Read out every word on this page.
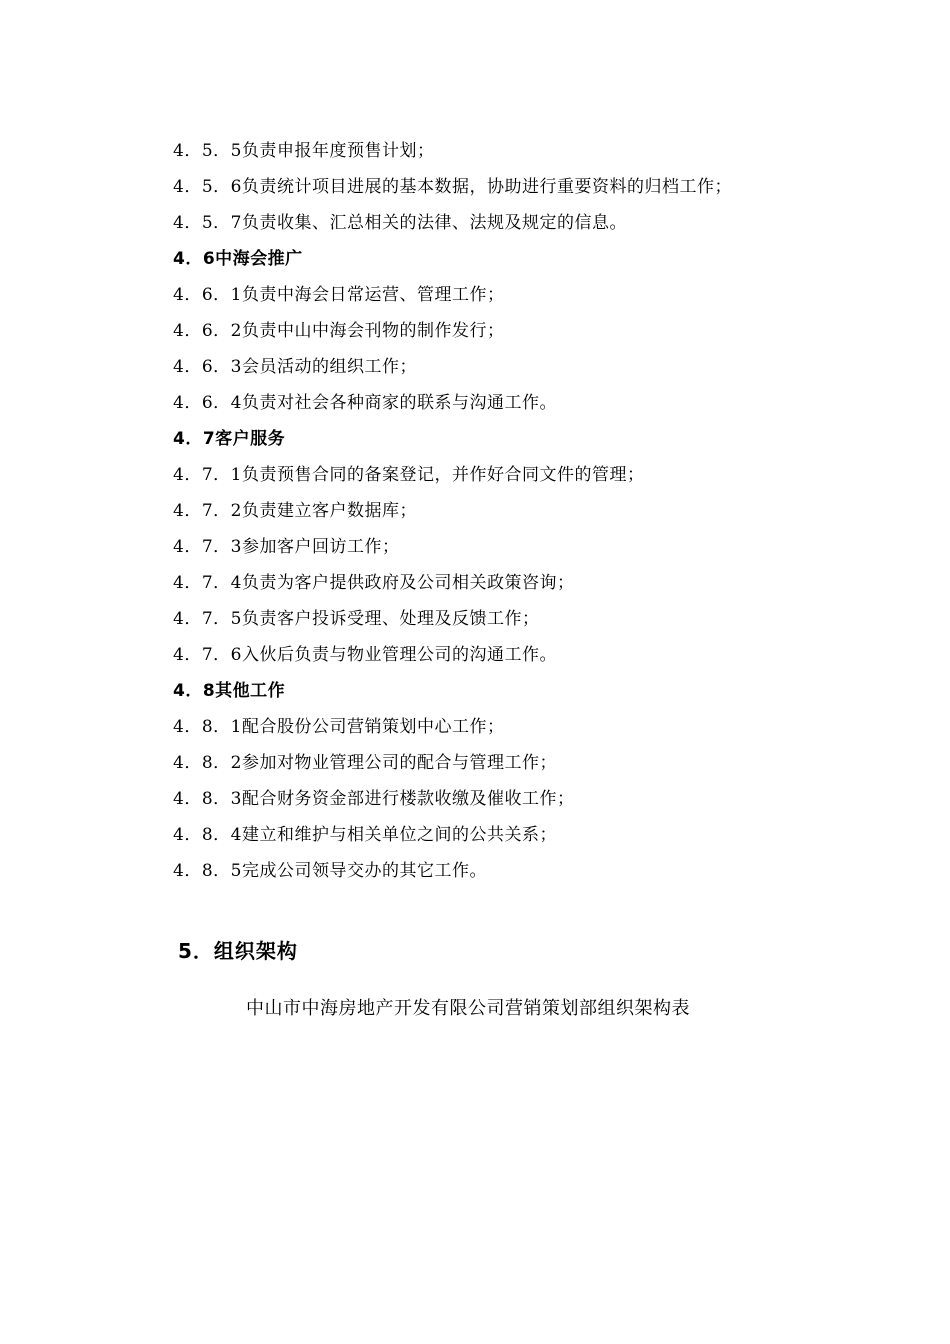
4．5．5负责申报年度预售计划；
4．5．6负责统计项目进展的基本数据，协助进行重要资料的归档工作；
4．5．7负责收集、汇总相关的法律、法规及规定的信息。
4．6中海会推广
4．6．1负责中海会日常运营、管理工作；
4．6．2负责中山中海会刊物的制作发行；
4．6．3会员活动的组织工作；
4．6．4负责对社会各种商家的联系与沟通工作。
4．7客户服务
4．7．1负责预售合同的备案登记，并作好合同文件的管理；
4．7．2负责建立客户数据库；
4．7．3参加客户回访工作；
4．7．4负责为客户提供政府及公司相关政策咨询；
4．7．5负责客户投诉受理、处理及反馈工作；
4．7．6入伙后负责与物业管理公司的沟通工作。
4．8其他工作
4．8．1配合股份公司营销策划中心工作；
4．8．2参加对物业管理公司的配合与管理工作；
4．8．3配合财务资金部进行楼款收缴及催收工作；
4．8．4建立和维护与相关单位之间的公共关系；
4．8．5完成公司领导交办的其它工作。
5．组织架构
中山市中海房地产开发有限公司营销策划部组织架构表
